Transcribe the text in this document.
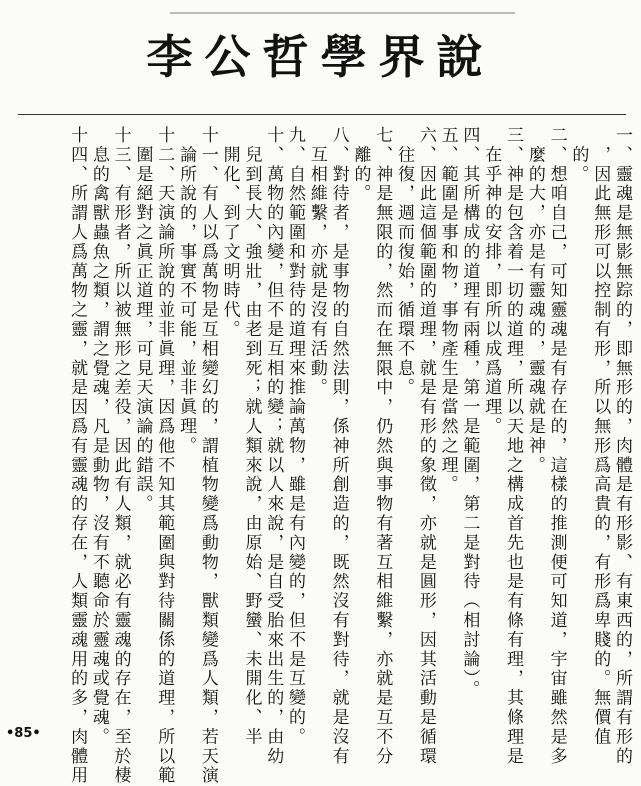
李公哲學界說
一、靈魂是無影無踪的，即無形的，肉體是有形影、有東西的，所謂有形的
　，因此無形可以控制有形，所以無形爲高貴的，有形爲卑賤的。無價值
　的。
二、想咱自己，可知靈魂是有存在的，這樣的推測便可知道，宇宙雖然是多
　麼的大，亦是有靈魂的，靈魂就是神。
三、神是包含着一切的道理，所以天地之構成首先也是有條有理，其條理是
　在乎神的安排，即所以成爲道理。
四、其所構成的道理有兩種，第一是範圍，第二是對待（相討論）。
五、範圍是事和物，事物產生是當然之理。
六、因此這個範圍的道理，就是有形的象徵，亦就是圓形，因其活動是循環
　往復，週而復始，循環不息。
七、神是無限的，然而在無限中，仍然與事物有著互相維繫，亦就是互不分
　離的。
八、對待者，是事物的自然法則，係神所創造的，既然沒有對待，就是沒有
　互相維繫，亦就是沒有活動。
九、自然範圍和對待的道理來推論萬物，雖是有內變的，但不是互變的。
十、萬物的內變，但不是互相的變；就以人來說，是自受胎來出生的，由幼
　兒到長大、強壯，由老到死；就人類來說，由原始、野蠻、未開化、半
　開化、到了文明時代。
十一、有人以爲萬物是互相變幻的，謂植物變爲動物，獸類變爲人類，若天演
　論所說的，事實不可能，並非眞理。
十二、天演論所說的並非眞理，因爲他不知其範圍與對待關係的道理，所以範
　圍是絕對之眞正道理，可見天演論的錯誤。
十三、有形者，所以被無形之差役，因此有人類，就必有靈魂的存在，至於棲
　息的禽獸蟲魚之類，謂之覺魂，凡是動物，沒有不聽命於靈魂或覺魂。
十四、所謂人爲萬物之靈，就是因爲有靈魂的存在，人類靈魂用的多，肉體用
•85•
